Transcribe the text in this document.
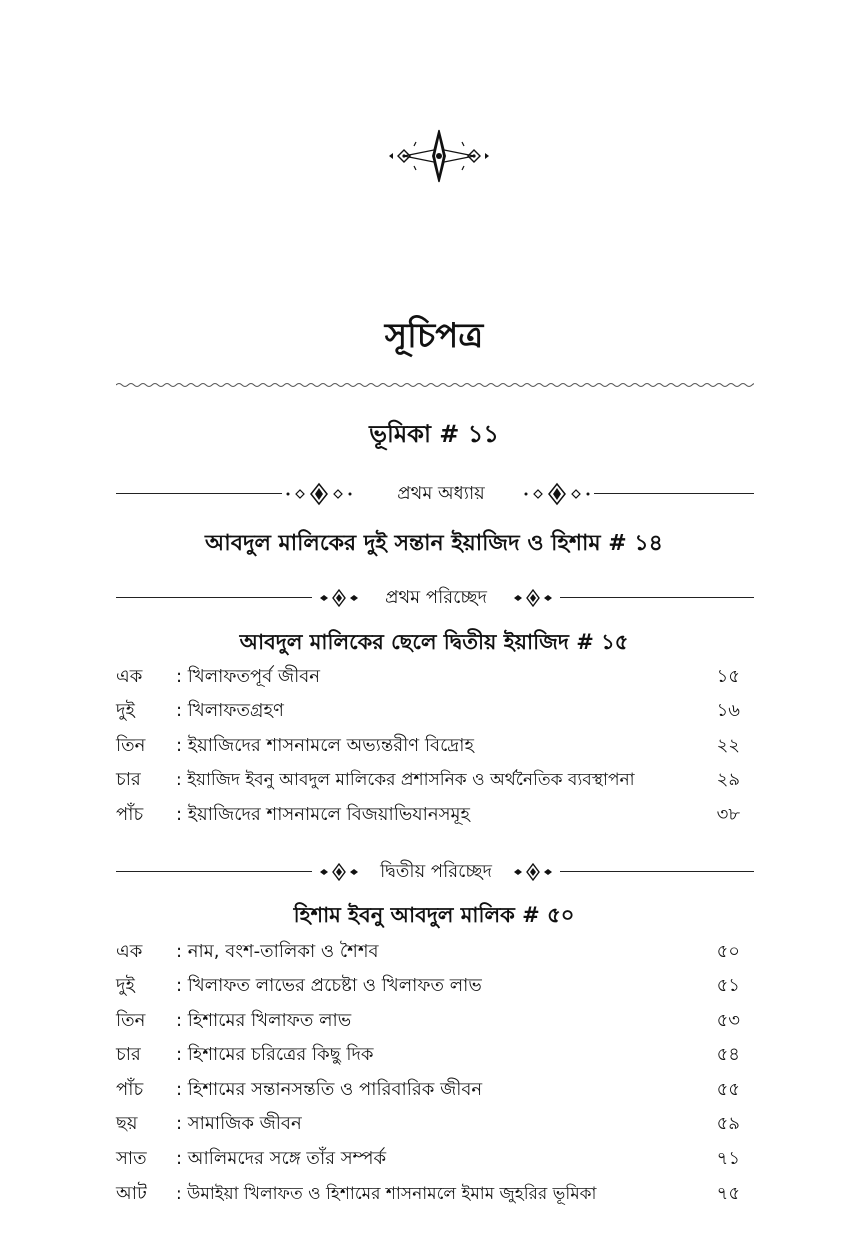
সূচিপত্র
ভূমিকা # ১১
প্রথম অধ্যায়
আবদুল মালিকের দুই সন্তান ইয়াজিদ ও হিশাম # ১৪
প্রথম পরিচ্ছেদ
আবদুল মালিকের ছেলে দ্বিতীয় ইয়াজিদ # ১৫
এক : খিলাফতপূর্ব জীবন	১৫
দুই : খিলাফতগ্রহণ	১৬
তিন : ইয়াজিদের শাসনামলে অভ্যন্তরীণ বিদ্রোহ	২২
চার : ইয়াজিদ ইবনু আবদুল মালিকের প্রশাসনিক ও অর্থনৈতিক ব্যবস্থাপনা	২৯
পাঁচ : ইয়াজিদের শাসনামলে বিজয়াভিযানসমূহ	৩৮
দ্বিতীয় পরিচ্ছেদ
হিশাম ইবনু আবদুল মালিক # ৫০
এক : নাম, বংশ-তালিকা ও শৈশব	৫০
দুই : খিলাফত লাভের প্রচেষ্টা ও খিলাফত লাভ	৫১
তিন : হিশামের খিলাফত লাভ	৫৩
চার : হিশামের চরিত্রের কিছু দিক	৫৪
পাঁচ : হিশামের সন্তানসন্ততি ও পারিবারিক জীবন	৫৫
ছয় : সামাজিক জীবন	৫৯
সাত : আলিমদের সঙ্গে তাঁর সম্পর্ক	৭১
আট : উমাইয়া খিলাফত ও হিশামের শাসনামলে ইমাম জুহরির ভূমিকা	৭৫
